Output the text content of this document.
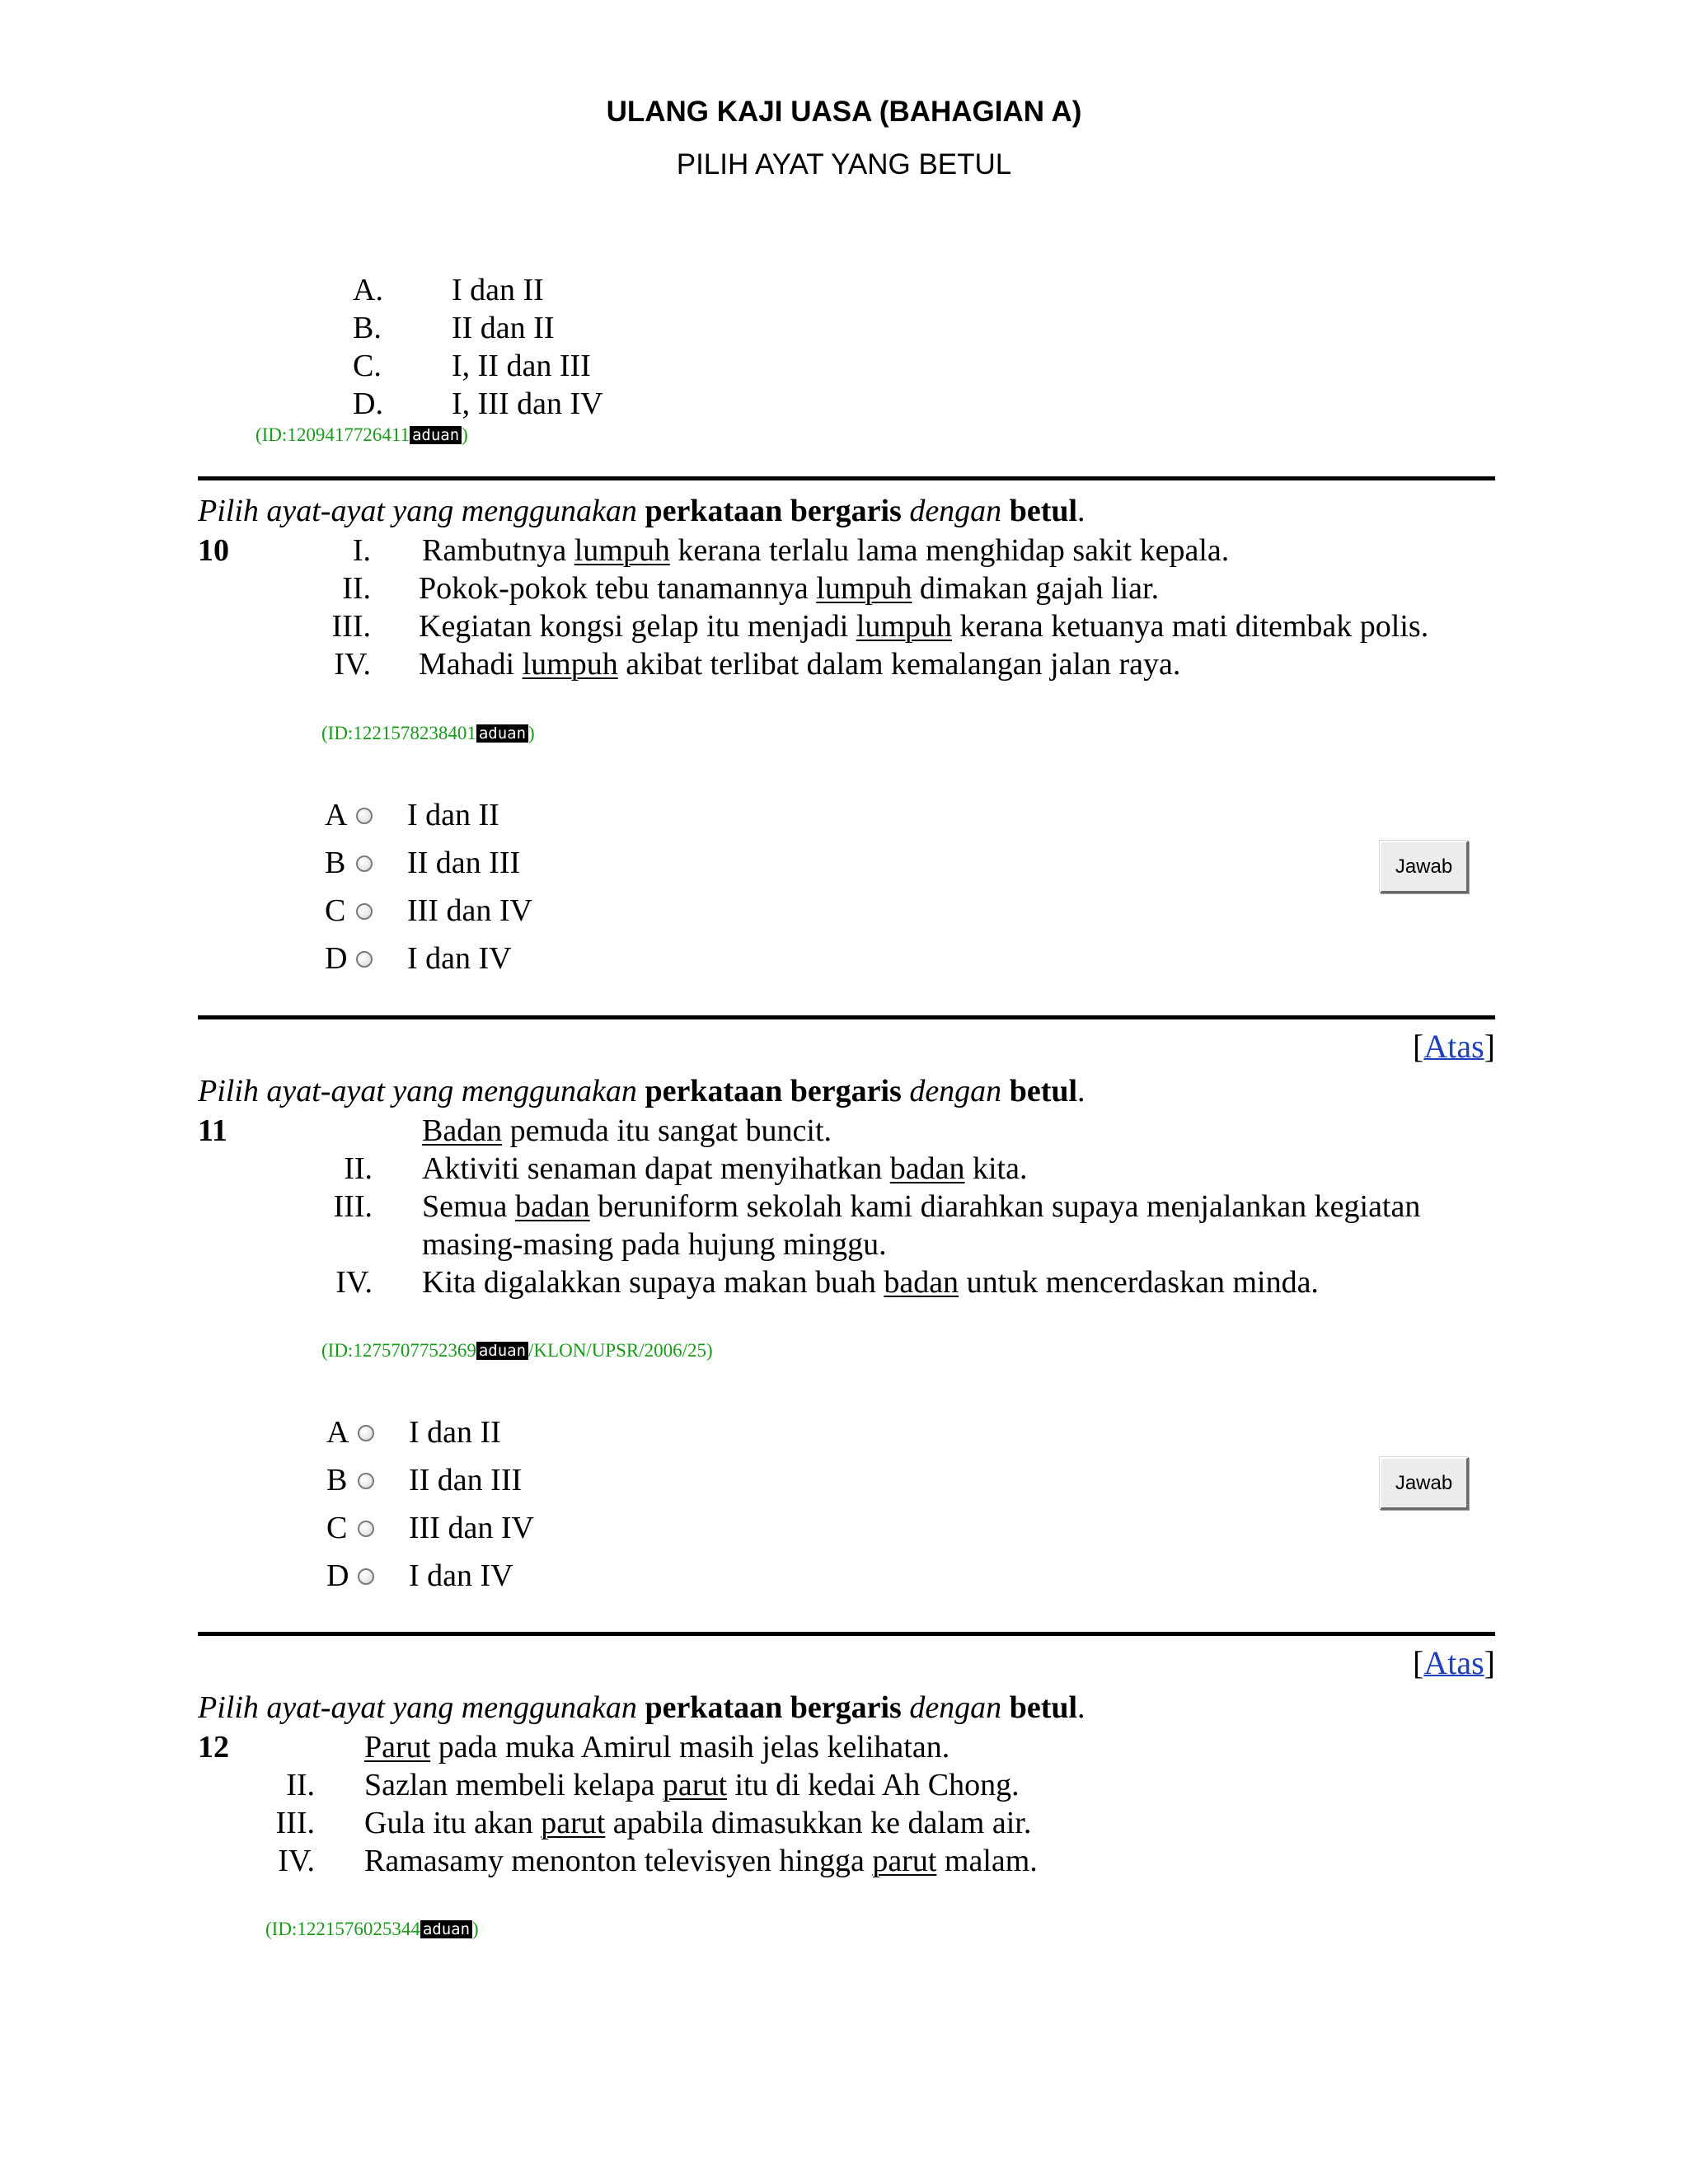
ULANG KAJI UASA (BAHAGIAN A)
PILIH AYAT YANG BETUL
A. I dan II
B. II dan II
C. I, II dan III
D. I, III dan IV
(ID:1209417726411 aduan )
Pilih ayat-ayat yang menggunakan perkataan bergaris dengan betul.
10	I. Rambutnya lumpuh kerana terlalu lama menghidap sakit kepala.
II. Pokok-pokok tebu tanamannya lumpuh dimakan gajah liar.
III. Kegiatan kongsi gelap itu menjadi lumpuh kerana ketuanya mati ditembak polis.
IV. Mahadi lumpuh akibat terlibat dalam kemalangan jalan raya.
(ID:1221578238401 aduan )
A I dan II
B II dan III
C III dan IV
D I dan IV
Jawab
[Atas]
Pilih ayat-ayat yang menggunakan perkataan bergaris dengan betul.
11	Badan pemuda itu sangat buncit.
II. Aktiviti senaman dapat menyihatkan badan kita.
III. Semua badan beruniform sekolah kami diarahkan supaya menjalankan kegiatan
masing-masing pada hujung minggu.
IV. Kita digalakkan supaya makan buah badan untuk mencerdaskan minda.
(ID:1275707752369 aduan /KLON/UPSR/2006/25)
A I dan II
B II dan III
C III dan IV
D I dan IV
Jawab
[Atas]
Pilih ayat-ayat yang menggunakan perkataan bergaris dengan betul.
12	Parut pada muka Amirul masih jelas kelihatan.
II. Sazlan membeli kelapa parut itu di kedai Ah Chong.
III. Gula itu akan parut apabila dimasukkan ke dalam air.
IV. Ramasamy menonton televisyen hingga parut malam.
(ID:1221576025344 aduan )
